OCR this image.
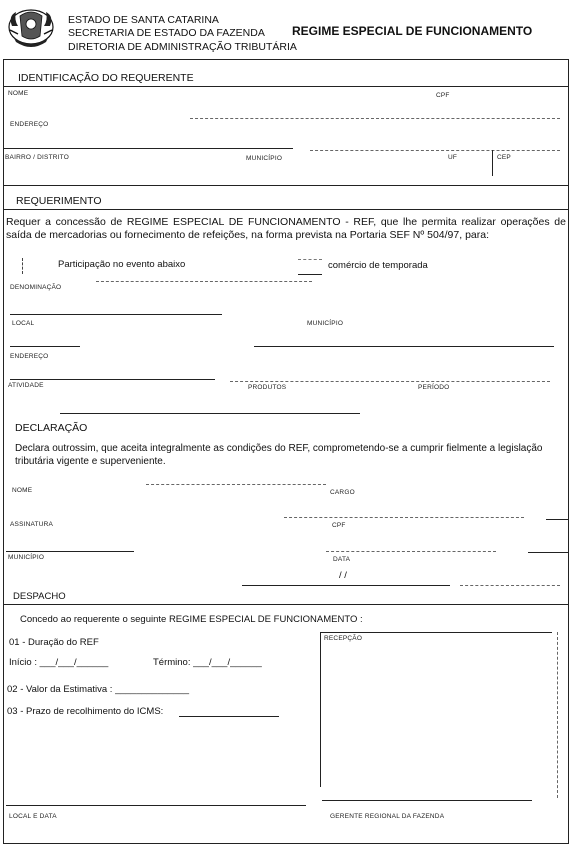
ESTADO DE SANTA CATARINA
SECRETARIA DE ESTADO DA FAZENDA
DIRETORIA DE ADMINISTRAÇÃO TRIBUTÁRIA
REGIME ESPECIAL DE FUNCIONAMENTO
IDENTIFICAÇÃO DO REQUERENTE
NOME	CPF
ENDEREÇO
BAIRRO / DISTRITO	MUNICÍPIO	UF	CEP
REQUERIMENTO
Requer a concessão de REGIME ESPECIAL DE FUNCIONAMENTO - REF, que lhe permita realizar operações de saída de mercadorias ou fornecimento de refeições, na forma prevista na Portaria SEF Nº 504/97, para:
Participação no evento abaixo	comércio de temporada
DENOMINAÇÃO
LOCAL	MUNICÍPIO
ENDEREÇO
ATIVIDADE	PRODUTOS	PERÍODO
DECLARAÇÃO
Declara outrossim, que aceita integralmente as condições do REF, comprometendo-se a cumprir fielmente a legislação tributária vigente e superveniente.
NOME	CARGO
ASSINATURA	CPF
MUNICÍPIO	DATA
/ /
DESPACHO
Concedo ao requerente o seguinte REGIME ESPECIAL DE FUNCIONAMENTO :
01 - Duração do REF
Início : ___/___/______	Término: ___/___/______
02 - Valor da Estimativa : ______________
03 - Prazo de recolhimento do ICMS:
RECEPÇÃO
LOCAL E DATA	GERENTE REGIONAL DA FAZENDA
